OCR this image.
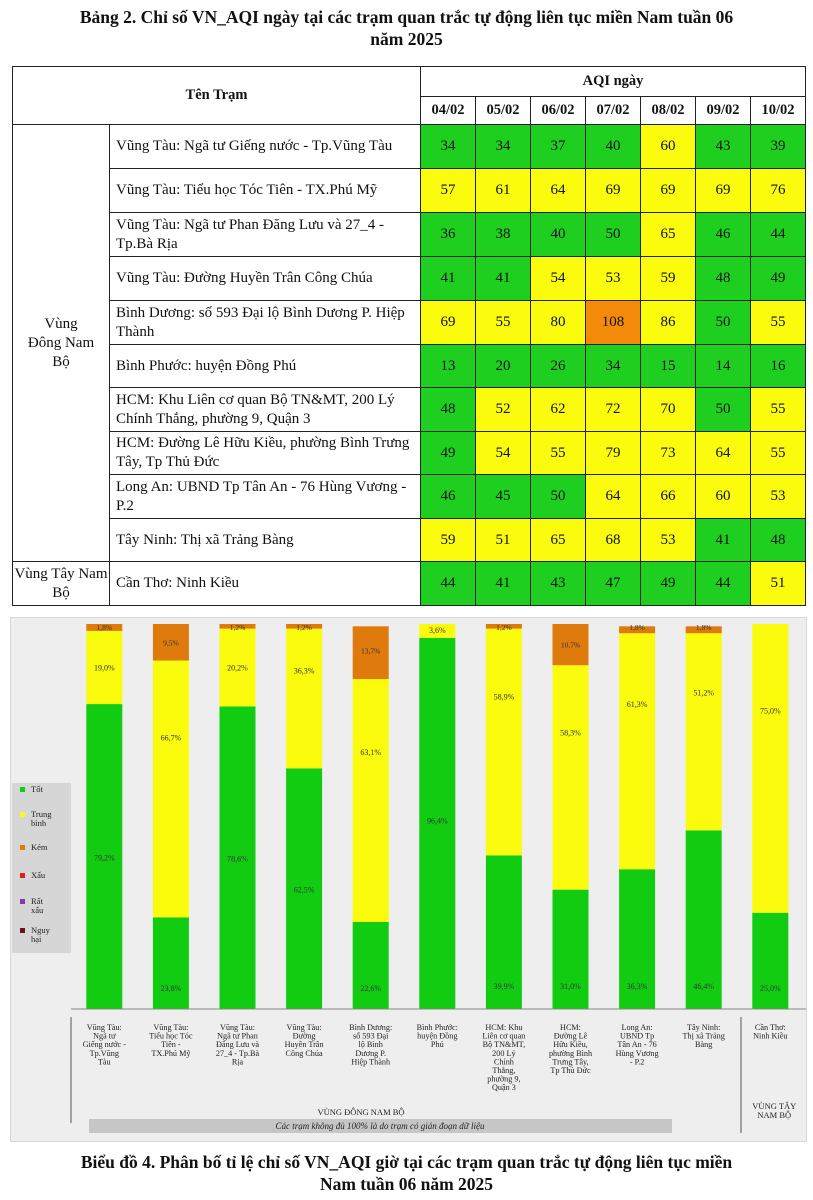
Bảng 2. Chỉ số VN_AQI ngày tại các trạm quan trắc tự động liên tục miền Nam tuần 06
năm 2025
Tên Trạm		AQI ngày						
		04/02	05/02	06/02	07/02	08/02	09/02	10/02
Vùng Đông Nam Bộ	Vũng Tàu: Ngã tư Giếng nước - Tp.Vũng Tàu	34	34	37	40	60	43	39
	Vũng Tàu: Tiểu học Tóc Tiên - TX.Phú Mỹ	57	61	64	69	69	69	76
	Vũng Tàu: Ngã tư Phan Đăng Lưu và 27_4 - Tp.Bà Rịa	36	38	40	50	65	46	44
	Vũng Tàu: Đường Huyền Trân Công Chúa	41	41	54	53	59	48	49
	Bình Dương: số 593 Đại lộ Bình Dương P. Hiệp Thành	69	55	80	108	86	50	55
	Bình Phước: huyện Đồng Phú	13	20	26	34	15	14	16
	HCM: Khu Liên cơ quan Bộ TN&MT, 200 Lý Chính Thắng, phường 9, Quận 3	48	52	62	72	70	50	55
	HCM: Đường Lê Hữu Kiều, phường Bình Trưng Tây, Tp Thủ Đức	49	54	55	79	73	64	55
	Long An: UBND Tp Tân An - 76 Hùng Vương - P.2	46	45	50	64	66	60	53
	Tây Ninh: Thị xã Trảng Bàng	59	51	65	68	53	41	48
Vùng Tây Nam Bộ	Cần Thơ: Ninh Kiều	44	41	43	47	49	44	51
79,2%
19,0%
1,8%
Vũng Tàu:
Ngã tư
Giếng nước -
Tp.Vũng
Tàu
23,8%
66,7%
9,5%
Vũng Tàu:
Tiểu học Tóc
Tiên -
TX.Phú Mỹ
78,6%
20,2%
1,2%
Vũng Tàu:
Ngã tư Phan
Đăng Lưu và
27_4 - Tp.Bà
Rịa
62,5%
36,3%
1,2%
Vũng Tàu:
Đường
Huyền Trân
Công Chúa
22,6%
63,1%
13,7%
Bình Dương:
số 593 Đại
lộ Bình
Dương P.
Hiệp Thành
96,4%
3,6%
Bình Phước:
huyện Đồng
Phú
39,9%
58,9%
1,2%
HCM: Khu
Liên cơ quan
Bộ TN&MT,
200 Lý
Chính
Thắng,
phường 9,
Quận 3
31,0%
58,3%
10,7%
HCM:
Đường Lê
Hữu Kiều,
phường Bình
Trưng Tây,
Tp Thủ Đức
36,3%
61,3%
1,8%
Long An:
UBND Tp
Tân An - 76
Hùng Vương
- P.2
46,4%
51,2%
1,8%
Tây Ninh:
Thị xã Trảng
Bàng
25,0%
75,0%
Cần Thơ:
Ninh Kiều
VÙNG ĐÔNG NAM BỘ
VÙNG TÂY
NAM BỘ
Các trạm không đủ 100% là do trạm có gián đoạn dữ liệu
Tốt
Trung
bình
Kém
Xấu
Rất
xấu
Nguy
hại
Biểu đồ 4. Phân bố tỉ lệ chỉ số VN_AQI giờ tại các trạm quan trắc tự động liên tục miền
Nam tuần 06 năm 2025
